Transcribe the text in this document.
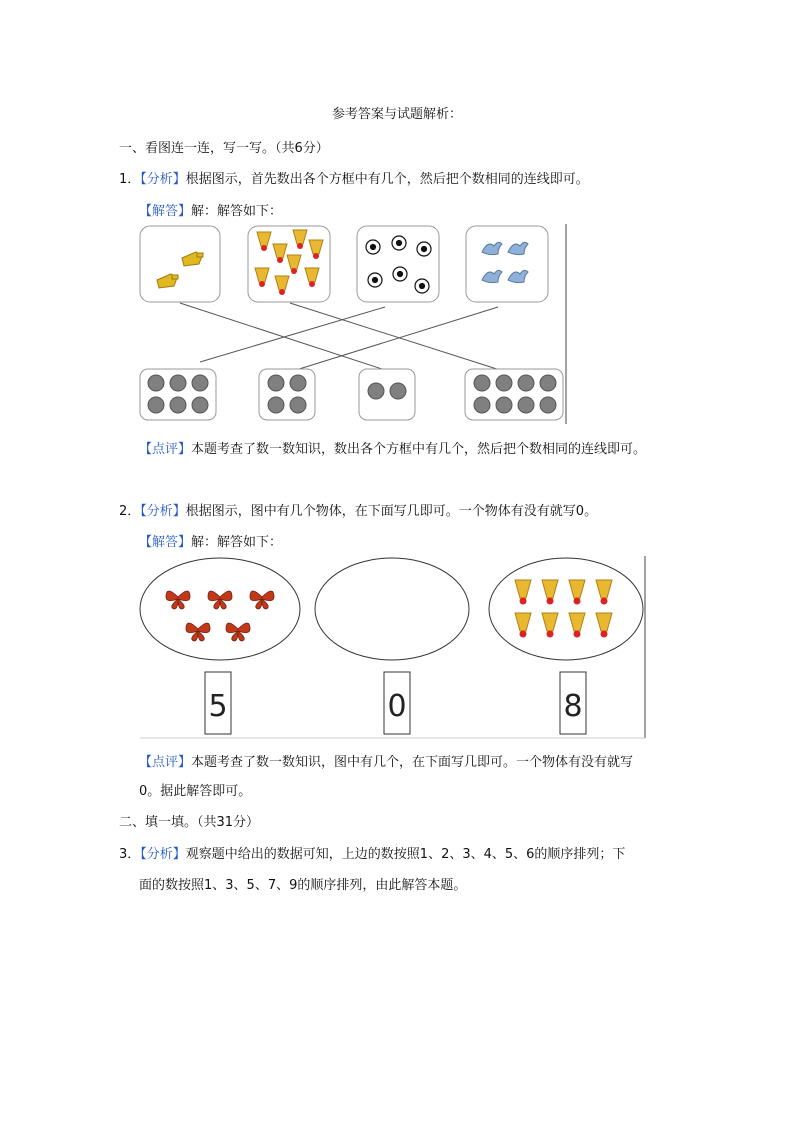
参考答案与试题解析：
一、看图连一连，写一写。（共6分）
1．【分析】根据图示，首先数出各个方框中有几个，然后把个数相同的连线即可。
【解答】解：解答如下：
【点评】本题考查了数一数知识，数出各个方框中有几个，然后把个数相同的连线即可。
2．【分析】根据图示，图中有几个物体，在下面写几即可。一个物体有没有就写0。
【解答】解：解答如下：
5	0	8
【点评】本题考查了数一数知识，图中有几个，在下面写几即可。一个物体有没有就写
0。据此解答即可。
二、填一填。（共31分）
3．【分析】观察题中给出的数据可知，上边的数按照1、2、3、4、5、6的顺序排列；下
面的数按照1、3、5、7、9的顺序排列，由此解答本题。
